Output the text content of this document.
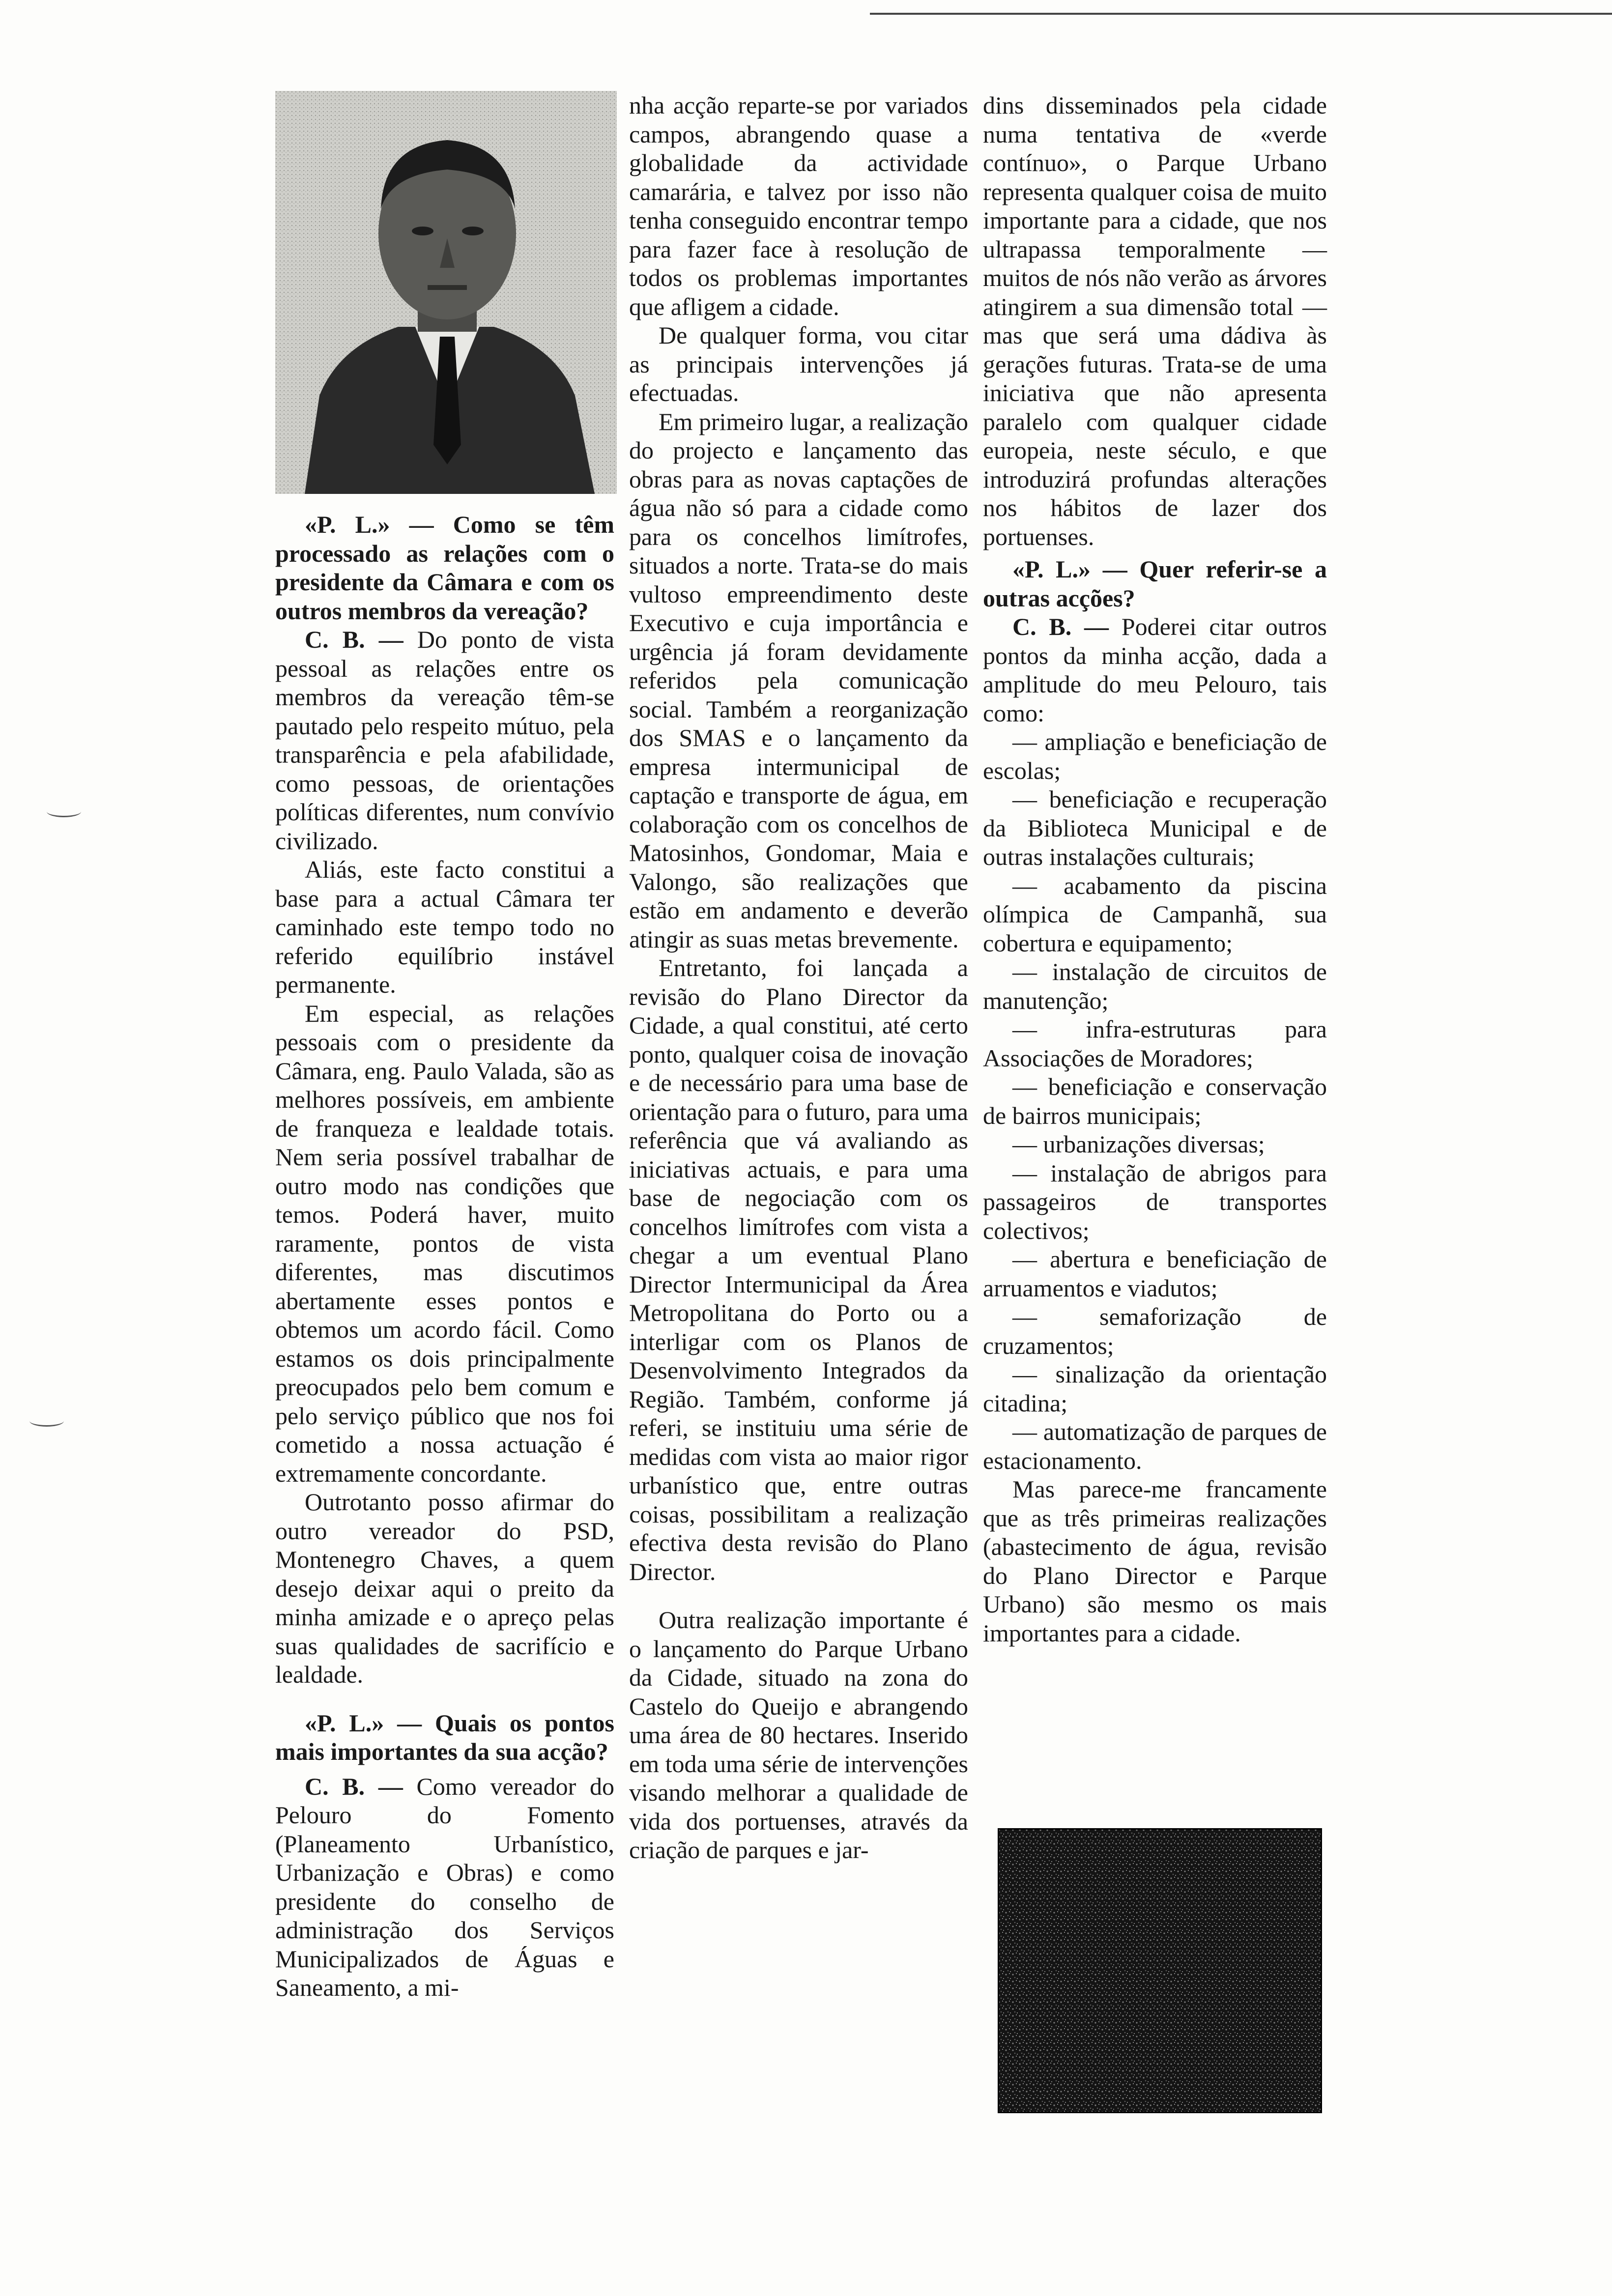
«P. L.» — Como se têm processado as relações com o presidente da Câmara e com os outros membros da vereação?

C. B. — Do ponto de vista pessoal as relações entre os membros da vereação têm-se pautado pelo respeito mútuo, pela transparência e pela afabilidade, como pessoas, de orientações políticas diferentes, num convívio civilizado.

Aliás, este facto constitui a base para a actual Câmara ter caminhado este tempo todo no referido equilíbrio instável permanente.

Em especial, as relações pessoais com o presidente da Câmara, eng. Paulo Valada, são as melhores possíveis, em ambiente de franqueza e lealdade totais. Nem seria possível trabalhar de outro modo nas condições que temos. Poderá haver, muito raramente, pontos de vista diferentes, mas discutimos abertamente esses pontos e obtemos um acordo fácil. Como estamos os dois principalmente preocupados pelo bem comum e pelo serviço público que nos foi cometido a nossa actuação é extremamente concordante.

Outrotanto posso afirmar do outro vereador do PSD, Montenegro Chaves, a quem desejo deixar aqui o preito da minha amizade e o apreço pelas suas qualidades de sacrifício e lealdade.

«P. L.» — Quais os pontos mais importantes da sua acção?

C. B. — Como vereador do Pelouro do Fomento (Planeamento Urbanístico, Urbanização e Obras) e como presidente do conselho de administração dos Serviços Municipalizados de Águas e Saneamento, a mi-

nha acção reparte-se por variados campos, abrangendo quase a globalidade da actividade camarária, e talvez por isso não tenha conseguido encontrar tempo para fazer face à resolução de todos os problemas importantes que afligem a cidade.

De qualquer forma, vou citar as principais intervenções já efectuadas.

Em primeiro lugar, a realização do projecto e lançamento das obras para as novas captações de água não só para a cidade como para os concelhos limítrofes, situados a norte. Trata-se do mais vultoso empreendimento deste Executivo e cuja importância e urgência já foram devidamente referidos pela comunicação social. Também a reorganização dos SMAS e o lançamento da empresa intermunicipal de captação e transporte de água, em colaboração com os concelhos de Matosinhos, Gondomar, Maia e Valongo, são realizações que estão em andamento e deverão atingir as suas metas brevemente.

Entretanto, foi lançada a revisão do Plano Director da Cidade, a qual constitui, até certo ponto, qualquer coisa de inovação e de necessário para uma base de orientação para o futuro, para uma referência que vá avaliando as iniciativas actuais, e para uma base de negociação com os concelhos limítrofes com vista a chegar a um eventual Plano Director Intermunicipal da Área Metropolitana do Porto ou a interligar com os Planos de Desenvolvimento Integrados da Região. Também, conforme já referi, se instituiu uma série de medidas com vista ao maior rigor urbanístico que, entre outras coisas, possibilitam a realização efectiva desta revisão do Plano Director.

Outra realização importante é o lançamento do Parque Urbano da Cidade, situado na zona do Castelo do Queijo e abrangendo uma área de 80 hectares. Inserido em toda uma série de intervenções visando melhorar a qualidade de vida dos portuenses, através da criação de parques e jar-

dins disseminados pela cidade numa tentativa de «verde contínuo», o Parque Urbano representa qualquer coisa de muito importante para a cidade, que nos ultrapassa temporalmente — muitos de nós não verão as árvores atingirem a sua dimensão total — mas que será uma dádiva às gerações futuras. Trata-se de uma iniciativa que não apresenta paralelo com qualquer cidade europeia, neste século, e que introduzirá profundas alterações nos hábitos de lazer dos portuenses.

«P. L.» — Quer referir-se a outras acções?

C. B. — Poderei citar outros pontos da minha acção, dada a amplitude do meu Pelouro, tais como:

— ampliação e beneficiação de escolas;
— beneficiação e recuperação da Biblioteca Municipal e de outras instalações culturais;
— acabamento da piscina olímpica de Campanhã, sua cobertura e equipamento;
— instalação de circuitos de manutenção;
— infra-estruturas para Associações de Moradores;
— beneficiação e conservação de bairros municipais;
— urbanizações diversas;
— instalação de abrigos para passageiros de transportes colectivos;
— abertura e beneficiação de arruamentos e viadutos;
— semaforização de cruzamentos;
— sinalização da orientação citadina;
— automatização de parques de estacionamento.

Mas parece-me francamente que as três primeiras realizações (abastecimento de água, revisão do Plano Director e Parque Urbano) são mesmo os mais importantes para a cidade.
